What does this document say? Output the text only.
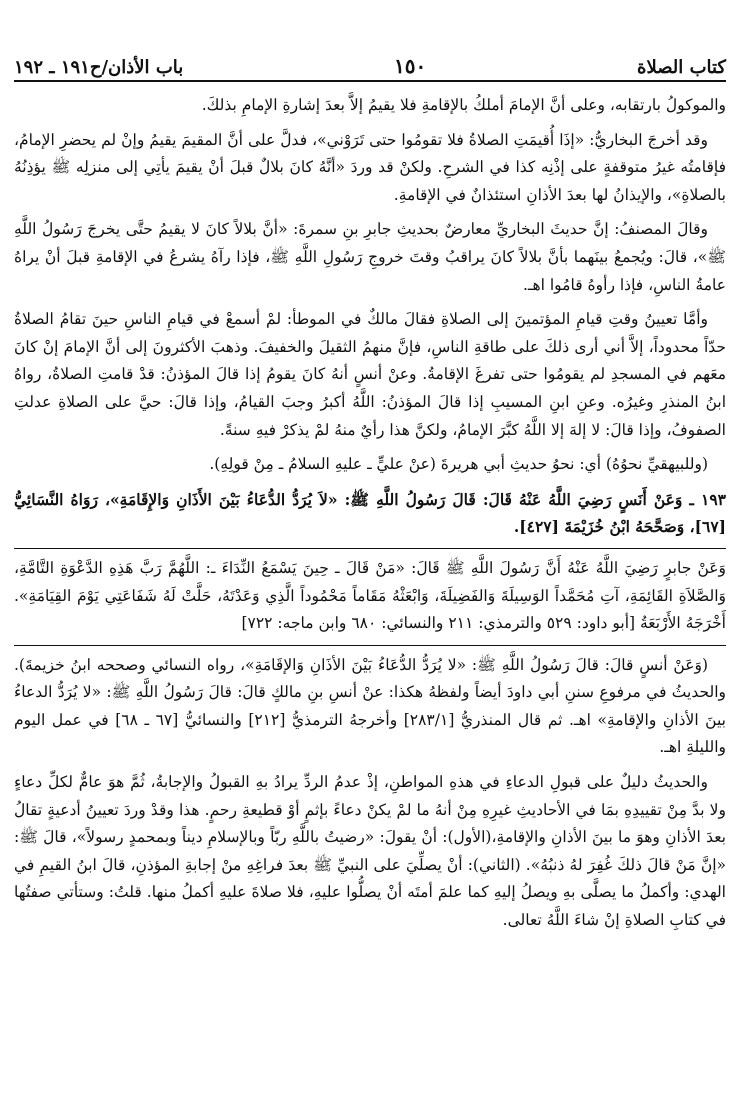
كتاب الصلاة
١٥٠
باب الأذان/ح١٩١ ـ ١٩٢

والموكولُ بارتقابه، وعلى أنَّ الإمامَ أملكُ بالإقامةِ فلا يقيمُ إلاَّ بعدَ إشارةِ الإمامِ بذلكَ.

وقد أخرجَ البخاريُّ: «إذَا أُقيمَتِ الصلاةُ فلا تقومُوا حتى تَرَوْني»، فدلَّ على أنَّ المقيمَ يقيمُ وإنْ لم يحضرِ الإمامُ، فإقامتُه غيرُ متوقفةٍ على إذْنِه كذا في الشرحِ. ولكنْ قد وردَ «أنَّهُ كانَ بلالٌ قبلَ أنْ يقيمَ يأتِي إلى منزلِه ﷺ يؤذِنُهُ بالصلاةِ»، والإيذانُ لها بعدَ الأذانِ استئذانٌ في الإقامةِ.

وقالَ المصنفُ: إنَّ حديثَ البخاريِّ معارضٌ بحديثِ جابرِ بنِ سمرةَ: «أنَّ بلالاً كانَ لا يقيمُ حتَّى يخرجَ رَسُولُ اللَّهِ ﷺ»، قالَ: ويُجمعُ بينَهما بأنَّ بلالاً كانَ يراقبُ وقتَ خروجِ رَسُولِ اللَّهِ ﷺ، فإذا رآهُ يشرعُ في الإقامةِ قبلَ أنْ يراهُ عامةُ الناسِ، فإذا رأوهُ قامُوا اهـ.

وأمَّا تعيينُ وقتِ قيامِ المؤتمينَ إلى الصلاةِ فقالَ مالكٌ في الموطأ: لمْ أسمعْ في قيامِ الناسِ حينَ تقامُ الصلاةُ حدّاً محدوداً، إلاَّ أني أرى ذلكَ على طاقةِ الناسِ، فإنَّ منهمُ الثقيلَ والخفيفَ. وذهبَ الأكثرونَ إلى أنَّ الإمامَ إنْ كانَ معَهم في المسجدِ لم يقومُوا حتى تفرغَ الإقامةُ. وعنْ أنسٍ أنهُ كانَ يقومُ إذا قالَ المؤذنُ: قدْ قامتِ الصلاةُ، رواهُ ابنُ المنذرِ وغيرُه. وعنِ ابنِ المسيبِ إذا قالَ المؤذنُ: اللَّهُ أكبرُ وجبَ القيامُ، وإذا قالَ: حيَّ على الصلاةِ عدلتِ الصفوفُ، وإذا قالَ: لا إلهَ إلا اللَّهُ كبَّرَ الإمامُ، ولكنَّ هذا رأيٌ منهُ لمْ يذكرْ فيهِ سنةً.

(وللبيهقيِّ نحوُهُ) أي: نحوُ حديثِ أبي هريرةَ (عنْ عليٍّ ـ عليهِ السلامُ ـ مِنْ قولِهِ).

١٩٣ ـ وَعَنْ أَنَسٍ رَضِيَ اللَّهُ عَنْهُ قَالَ: قَالَ رَسُولُ اللَّهِ ﷺ: «لاَ يُرَدُّ الدُّعَاءُ بَيْنَ الأَذَانِ وَالإِقَامَةِ»، رَوَاهُ النَّسَائِيُّ [٦٧]، وَصَحَّحَهُ ابْنُ خُزَيْمَةَ [٤٢٧].

وَعَنْ جابرٍ رَضِيَ اللَّهُ عَنْهُ أَنَّ رَسُولَ اللَّهِ ﷺ قَالَ: «مَنْ قَالَ ـ حِينَ يَسْمَعُ النِّدَاءَ ـ: اللَّهُمَّ رَبَّ هَذِهِ الدَّعْوَةِ التَّامَّةِ، وَالصَّلاَةِ القَائِمَةِ، آتِ مُحَمَّداً الوَسِيلَةَ وَالفَضِيلَةَ، وَابْعَثْهُ مَقَاماً مَحْمُوداً الَّذِي وَعَدْتَهُ، حَلَّتْ لَهُ شَفَاعَتِي يَوْمَ القِيَامَةِ». أَخْرَجَهُ الأَرْبَعَةُ [أبو داود: ٥٢٩ والترمذي: ٢١١ والنسائي: ٦٨٠ وابن ماجه: ٧٢٢]

(وَعَنْ أنسٍ قالَ: قالَ رَسُولُ اللَّهِ ﷺ: «لا يُرَدُّ الدُّعَاءُ بَيْنَ الأذَانِ وَالإقَامَةِ»، رواه النسائي وصححه ابنُ خزيمةَ). والحديثُ في مرفوعِ سننِ أبي داودَ أيضاً ولفظهُ هكذا: عنْ أنسِ بنِ مالكٍ قالَ: قالَ رَسُولُ اللَّهِ ﷺ: «لا يُرَدُّ الدعاءُ بينَ الأذانِ والإقامةِ» اهـ. ثم قال المنذريُّ [٢٨٣/١] وأخرجهُ الترمذيُّ [٢١٢] والنسائيُّ [٦٧ ـ ٦٨] في عمل اليوم والليلةِ اهـ.

والحديثُ دليلٌ على قبولِ الدعاءِ في هذهِ المواطنِ، إذْ عدمُ الردِّ يرادُ بهِ القبولُ والإجابةُ، ثُمَّ هوَ عامٌّ لكلِّ دعاءٍ ولا بدَّ مِنْ تقييدِهِ بمَا في الأحاديثِ غيرِهِ مِنْ أنهُ ما لمْ يكنْ دعاءً بإثمٍ أوْ قطيعةِ رحمٍ. هذا وقدْ وردَ تعيينُ أدعيةٍ تقالُ بعدَ الأذانِ وهوَ ما بينَ الأذانِ والإقامةِ،(الأول): أنْ يقولَ: «رضيتُ باللَّهِ ربّاً وبالإسلامِ ديناً وبمحمدٍ رسولاً»، قالَ ﷺ: «إنَّ مَنْ قالَ ذلكَ غُفِرَ لهُ ذنبُهُ». (الثاني): أنْ يصلِّيَ على النبيِّ ﷺ بعدَ فراغِهِ منْ إجابةِ المؤذنِ، قالَ ابنُ القيمِ في الهدي: وأكملُ ما يصلَّى بهِ ويصلُ إليهِ كما علمَ أمتَه أنْ يصلُّوا عليهِ، فلا صلاةَ عليهِ أكملُ منها. قلتُ: وستأتي صفتُها في كتابِ الصلاةِ إنْ شاءَ اللَّهُ تعالى.
